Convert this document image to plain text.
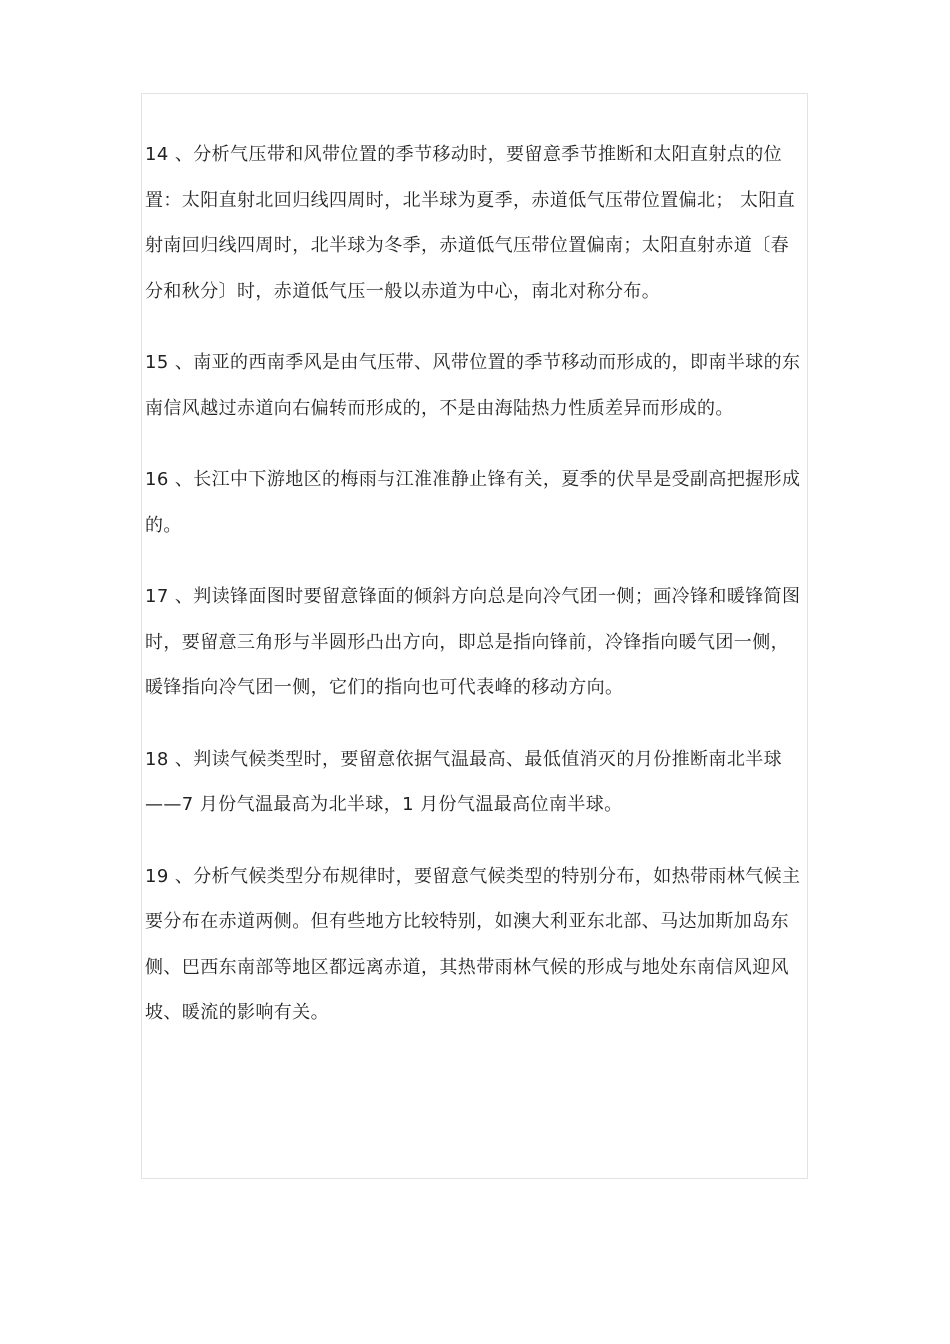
14 、分析气压带和风带位置的季节移动时，要留意季节推断和太阳直射点的位置：太阳直射北回归线四周时，北半球为夏季，赤道低气压带位置偏北； 太阳直射南回归线四周时，北半球为冬季，赤道低气压带位置偏南；太阳直射赤道〔春分和秋分〕时，赤道低气压一般以赤道为中心，南北对称分布。

15 、南亚的西南季风是由气压带、风带位置的季节移动而形成的，即南半球的东南信风越过赤道向右偏转而形成的，不是由海陆热力性质差异而形成的。

16 、长江中下游地区的梅雨与江淮准静止锋有关，夏季的伏旱是受副高把握形成的。

17 、判读锋面图时要留意锋面的倾斜方向总是向冷气团一侧；画冷锋和暖锋简图时，要留意三角形与半圆形凸出方向，即总是指向锋前，冷锋指向暖气团一侧，暖锋指向冷气团一侧，它们的指向也可代表峰的移动方向。

18 、判读气候类型时，要留意依据气温最高、最低值消灭的月份推断南北半球——7 月份气温最高为北半球，1 月份气温最高位南半球。

19 、分析气候类型分布规律时，要留意气候类型的特别分布，如热带雨林气候主要分布在赤道两侧。但有些地方比较特别，如澳大利亚东北部、马达加斯加岛东侧、巴西东南部等地区都远离赤道，其热带雨林气候的形成与地处东南信风迎风坡、暖流的影响有关。
